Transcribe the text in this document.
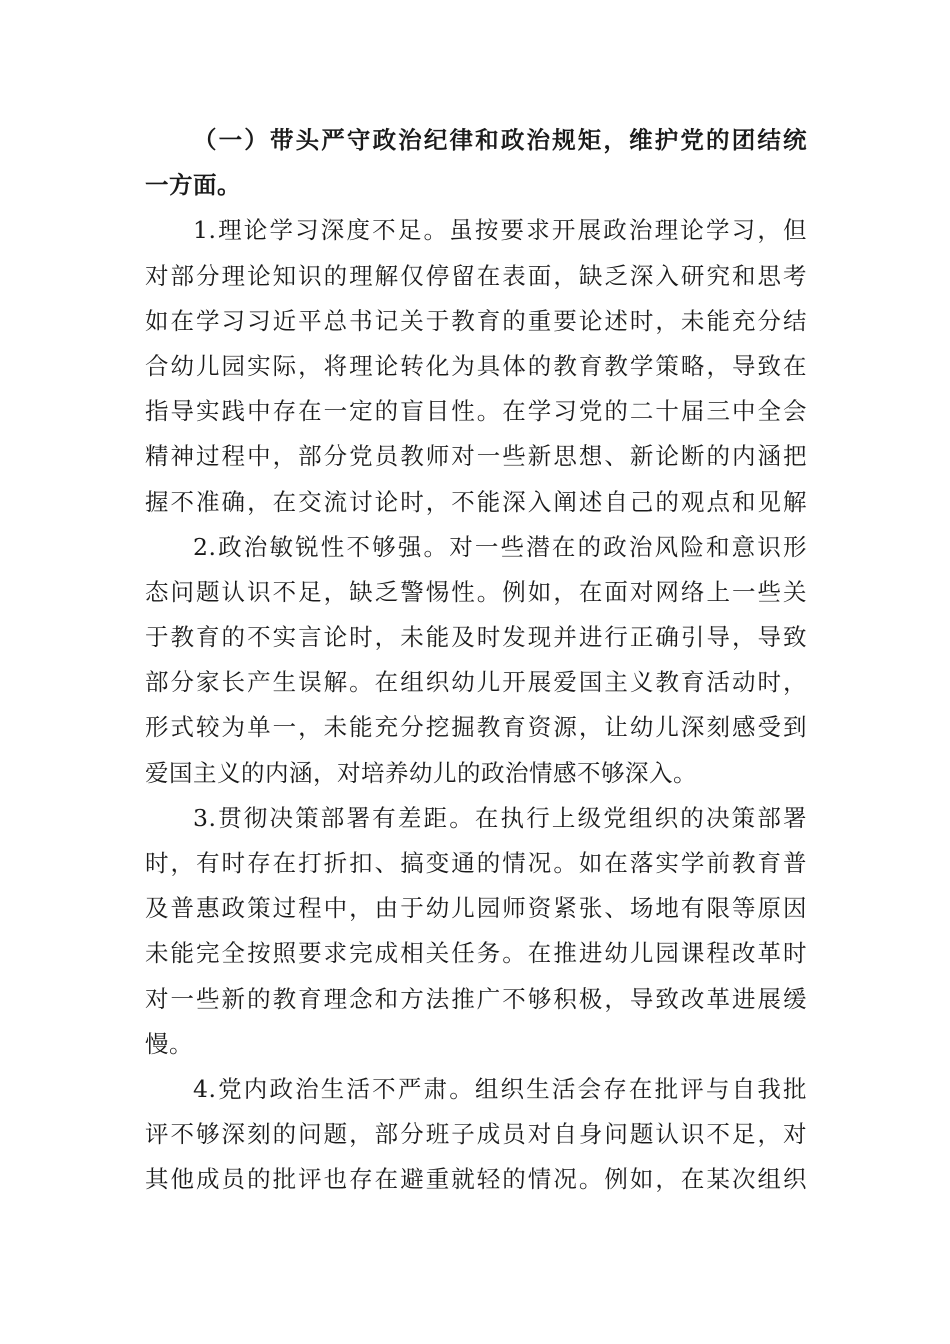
（一）带头严守政治纪律和政治规矩，维护党的团结统
一方面。
1.理论学习深度不足。虽按要求开展政治理论学习，但
对部分理论知识的理解仅停留在表面，缺乏深入研究和思考
如在学习习近平总书记关于教育的重要论述时，未能充分结
合幼儿园实际，将理论转化为具体的教育教学策略，导致在
指导实践中存在一定的盲目性。在学习党的二十届三中全会
精神过程中，部分党员教师对一些新思想、新论断的内涵把
握不准确，在交流讨论时，不能深入阐述自己的观点和见解
2.政治敏锐性不够强。对一些潜在的政治风险和意识形
态问题认识不足，缺乏警惕性。例如，在面对网络上一些关
于教育的不实言论时，未能及时发现并进行正确引导，导致
部分家长产生误解。在组织幼儿开展爱国主义教育活动时，
形式较为单一，未能充分挖掘教育资源，让幼儿深刻感受到
爱国主义的内涵，对培养幼儿的政治情感不够深入。
3.贯彻决策部署有差距。在执行上级党组织的决策部署
时，有时存在打折扣、搞变通的情况。如在落实学前教育普
及普惠政策过程中，由于幼儿园师资紧张、场地有限等原因
未能完全按照要求完成相关任务。在推进幼儿园课程改革时
对一些新的教育理念和方法推广不够积极，导致改革进展缓
慢。
4.党内政治生活不严肃。组织生活会存在批评与自我批
评不够深刻的问题，部分班子成员对自身问题认识不足，对
其他成员的批评也存在避重就轻的情况。例如，在某次组织
